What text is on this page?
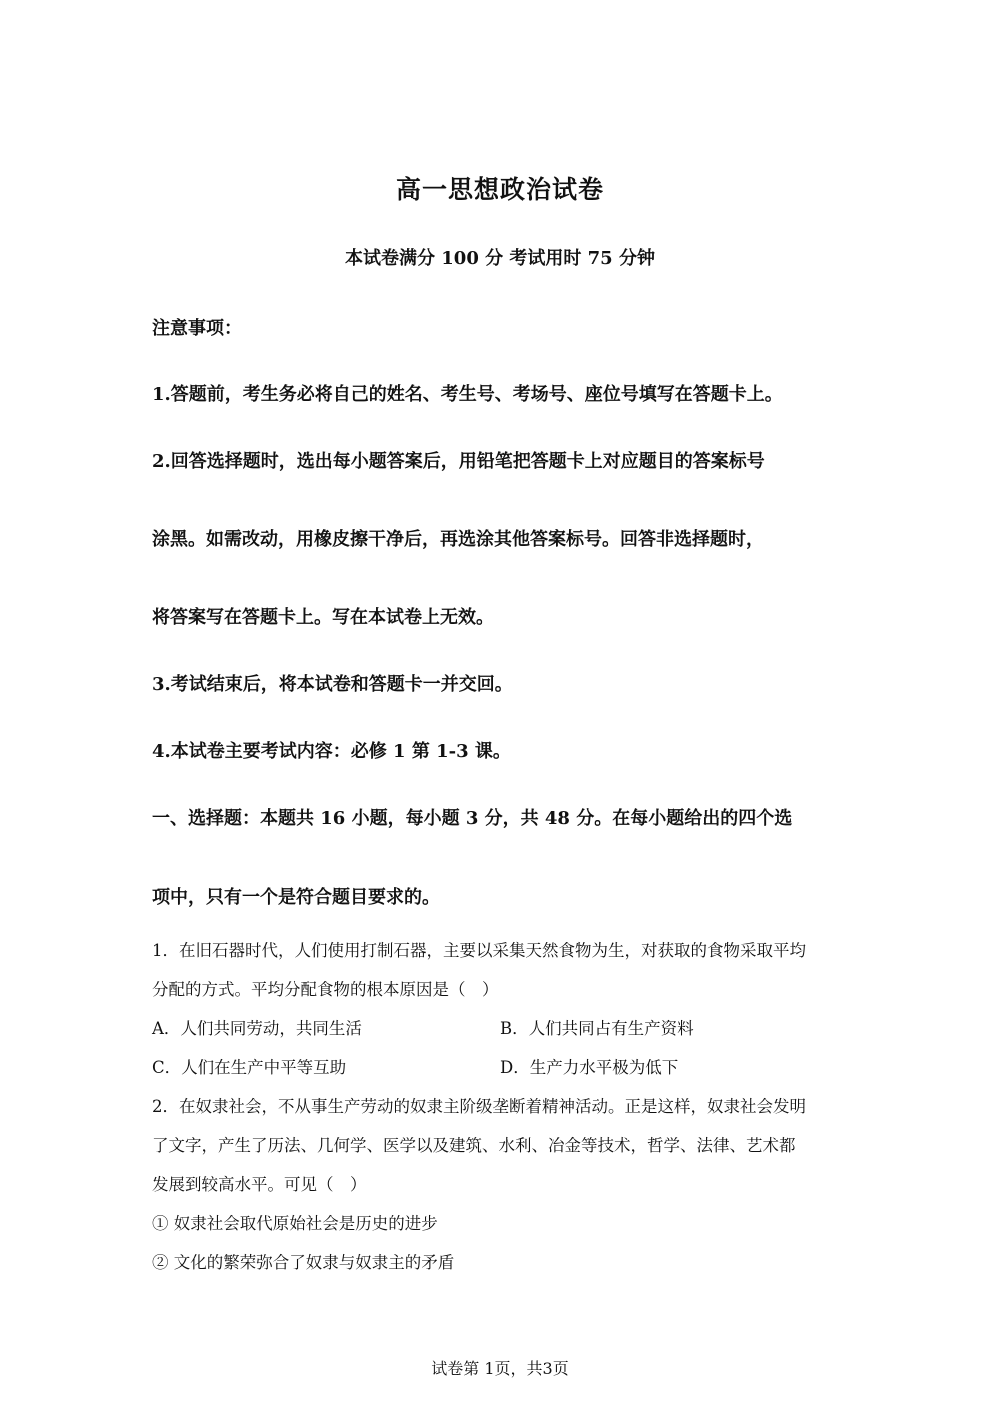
高一思想政治试卷
本试卷满分 100 分 考试用时 75 分钟
注意事项：
1.答题前，考生务必将自己的姓名、考生号、考场号、座位号填写在答题卡上。
2.回答选择题时，选出每小题答案后，用铅笔把答题卡上对应题目的答案标号
涂黑。如需改动，用橡皮擦干净后，再选涂其他答案标号。回答非选择题时，
将答案写在答题卡上。写在本试卷上无效。
3.考试结束后，将本试卷和答题卡一并交回。
4.本试卷主要考试内容：必修 1 第 1-3 课。
一、选择题：本题共 16 小题，每小题 3 分，共 48 分。在每小题给出的四个选
项中，只有一个是符合题目要求的。
1．在旧石器时代，人们使用打制石器，主要以采集天然食物为生，对获取的食物采取平均
分配的方式。平均分配食物的根本原因是（　）
A．人们共同劳动，共同生活	B．人们共同占有生产资料
C．人们在生产中平等互助	D．生产力水平极为低下
2．在奴隶社会，不从事生产劳动的奴隶主阶级垄断着精神活动。正是这样，奴隶社会发明
了文字，产生了历法、几何学、医学以及建筑、水利、冶金等技术，哲学、法律、艺术都
发展到较高水平。可见（　）
① 奴隶社会取代原始社会是历史的进步
② 文化的繁荣弥合了奴隶与奴隶主的矛盾
试卷第 1页，共3页
